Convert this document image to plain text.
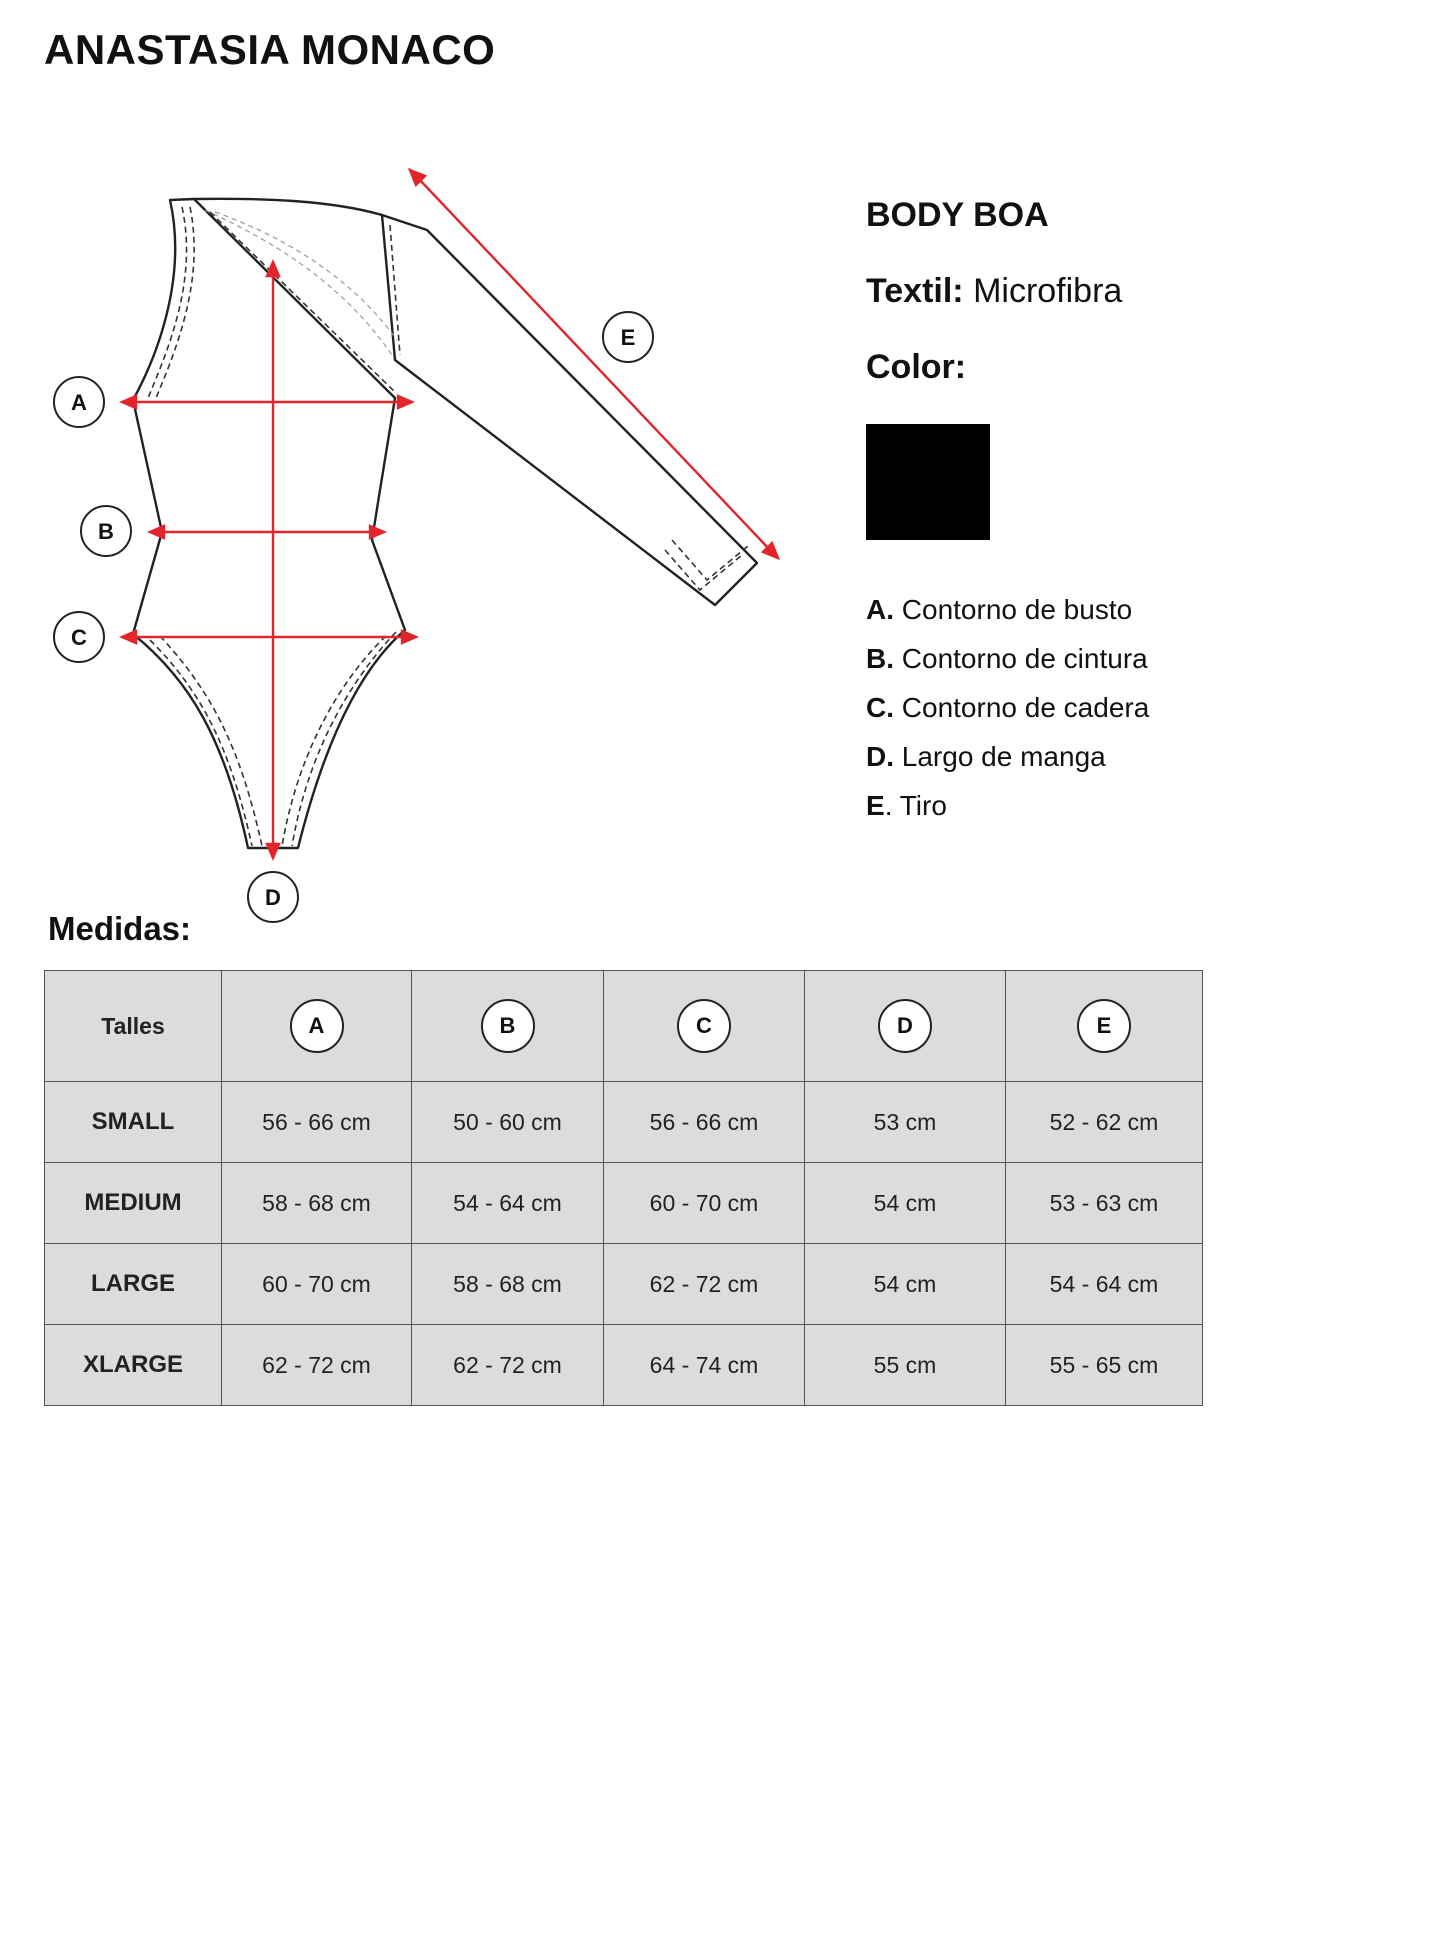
ANASTASIA MONACO
A
B
C
D
E
BODY BOA
Textil: Microfibra
Color:
A. Contorno de busto
B. Contorno de cintura
C. Contorno de cadera
D. Largo de manga
E. Tiro
Medidas:
Talles	A	B	C	D	E
SMALL	56 - 66 cm	50 - 60 cm	56 - 66 cm	53 cm	52 - 62 cm
MEDIUM	58 - 68 cm	54 - 64 cm	60 - 70 cm	54 cm	53 - 63 cm
LARGE	60 - 70 cm	58 - 68 cm	62 - 72 cm	54 cm	54 - 64 cm
XLARGE	62 - 72 cm	62 - 72 cm	64 - 74 cm	55 cm	55 - 65 cm
